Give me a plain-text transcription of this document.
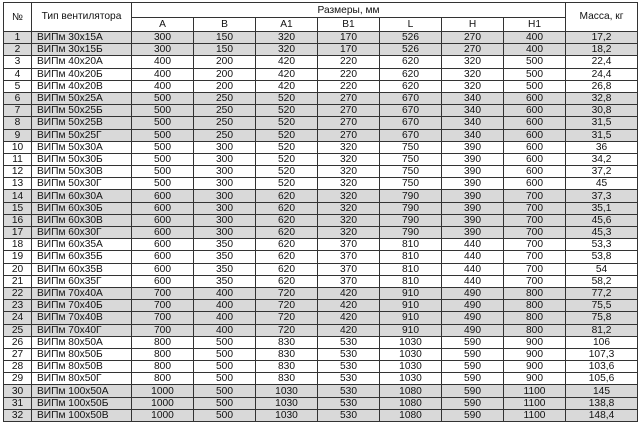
№	Тип вентилятора	Размеры, мм							Масса, кг
		A	B	A1	B1	L	H	H1	
1	ВИПм 30х15А	300	150	320	170	526	270	400	17,2
2	ВИПм 30х15Б	300	150	320	170	526	270	400	18,2
3	ВИПм 40х20А	400	200	420	220	620	320	500	22,4
4	ВИПм 40х20Б	400	200	420	220	620	320	500	24,4
5	ВИПм 40х20В	400	200	420	220	620	320	500	26,8
6	ВИПм 50х25А	500	250	520	270	670	340	600	32,8
7	ВИПм 50х25Б	500	250	520	270	670	340	600	30,8
8	ВИПм 50х25В	500	250	520	270	670	340	600	31,5
9	ВИПм 50х25Г	500	250	520	270	670	340	600	31,5
10	ВИПм 50х30А	500	300	520	320	750	390	600	36
11	ВИПм 50х30Б	500	300	520	320	750	390	600	34,2
12	ВИПм 50х30В	500	300	520	320	750	390	600	37,2
13	ВИПм 50х30Г	500	300	520	320	750	390	600	45
14	ВИПм 60х30А	600	300	620	320	790	390	700	37,3
15	ВИПм 60х30Б	600	300	620	320	790	390	700	35,1
16	ВИПм 60х30В	600	300	620	320	790	390	700	45,6
17	ВИПм 60х30Г	600	300	620	320	790	390	700	45,3
18	ВИПм 60х35А	600	350	620	370	810	440	700	53,3
19	ВИПм 60х35Б	600	350	620	370	810	440	700	53,8
20	ВИПм 60х35В	600	350	620	370	810	440	700	54
21	ВИПм 60х35Г	600	350	620	370	810	440	700	58,2
22	ВИПм 70х40А	700	400	720	420	910	490	800	77,2
23	ВИПм 70х40Б	700	400	720	420	910	490	800	75,5
24	ВИПм 70х40В	700	400	720	420	910	490	800	75,8
25	ВИПм 70х40Г	700	400	720	420	910	490	800	81,2
26	ВИПм 80х50А	800	500	830	530	1030	590	900	106
27	ВИПм 80х50Б	800	500	830	530	1030	590	900	107,3
28	ВИПм 80х50В	800	500	830	530	1030	590	900	103,6
29	ВИПм 80х50Г	800	500	830	530	1030	590	900	105,6
30	ВИПм 100х50А	1000	500	1030	530	1080	590	1100	145
31	ВИПм 100х50Б	1000	500	1030	530	1080	590	1100	138,8
32	ВИПм 100х50В	1000	500	1030	530	1080	590	1100	148,4
